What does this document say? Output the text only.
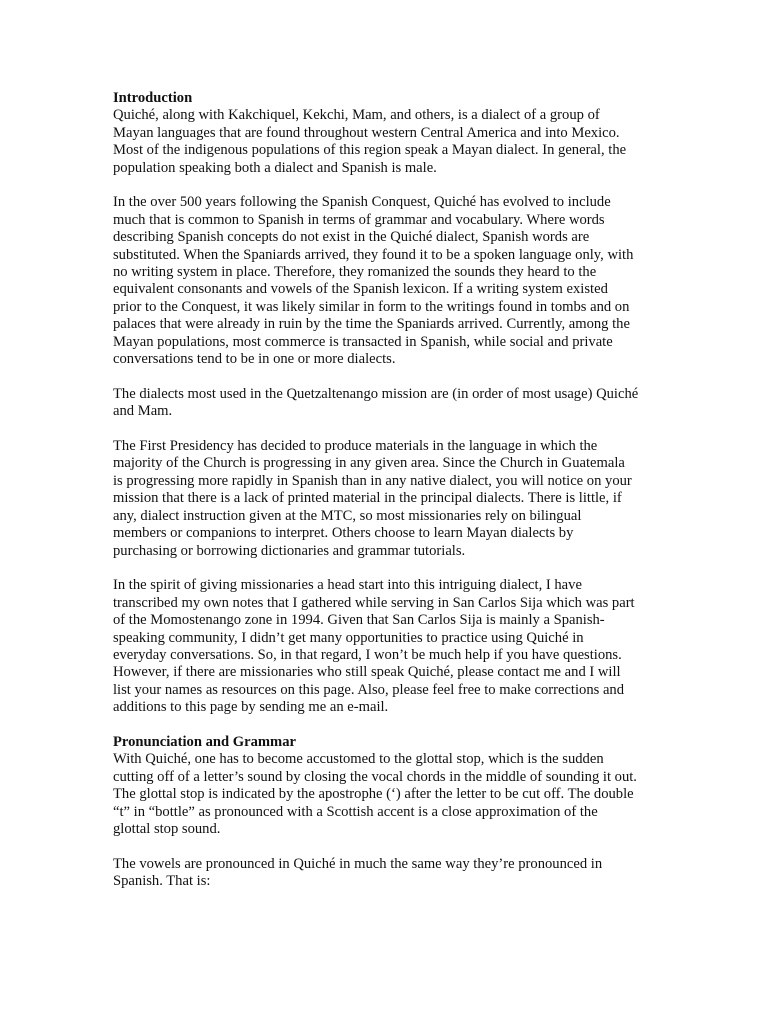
Introduction

Quiché, along with Kakchiquel, Kekchi, Mam, and others, is a dialect of a group of
Mayan languages that are found throughout western Central America and into Mexico.
Most of the indigenous populations of this region speak a Mayan dialect. In general, the
population speaking both a dialect and Spanish is male.

In the over 500 years following the Spanish Conquest, Quiché has evolved to include
much that is common to Spanish in terms of grammar and vocabulary. Where words
describing Spanish concepts do not exist in the Quiché dialect, Spanish words are
substituted. When the Spaniards arrived, they found it to be a spoken language only, with
no writing system in place. Therefore, they romanized the sounds they heard to the
equivalent consonants and vowels of the Spanish lexicon. If a writing system existed
prior to the Conquest, it was likely similar in form to the writings found in tombs and on
palaces that were already in ruin by the time the Spaniards arrived. Currently, among the
Mayan populations, most commerce is transacted in Spanish, while social and private
conversations tend to be in one or more dialects.

The dialects most used in the Quetzaltenango mission are (in order of most usage) Quiché
and Mam.

The First Presidency has decided to produce materials in the language in which the
majority of the Church is progressing in any given area. Since the Church in Guatemala
is progressing more rapidly in Spanish than in any native dialect, you will notice on your
mission that there is a lack of printed material in the principal dialects. There is little, if
any, dialect instruction given at the MTC, so most missionaries rely on bilingual
members or companions to interpret. Others choose to learn Mayan dialects by
purchasing or borrowing dictionaries and grammar tutorials.

In the spirit of giving missionaries a head start into this intriguing dialect, I have
transcribed my own notes that I gathered while serving in San Carlos Sija which was part
of the Momostenango zone in 1994. Given that San Carlos Sija is mainly a Spanish-
speaking community, I didn’t get many opportunities to practice using Quiché in
everyday conversations. So, in that regard, I won’t be much help if you have questions.
However, if there are missionaries who still speak Quiché, please contact me and I will
list your names as resources on this page. Also, please feel free to make corrections and
additions to this page by sending me an e-mail.

Pronunciation and Grammar

With Quiché, one has to become accustomed to the glottal stop, which is the sudden
cutting off of a letter’s sound by closing the vocal chords in the middle of sounding it out.
The glottal stop is indicated by the apostrophe (‘) after the letter to be cut off. The double
“t” in “bottle” as pronounced with a Scottish accent is a close approximation of the
glottal stop sound.

The vowels are pronounced in Quiché in much the same way they’re pronounced in
Spanish. That is:
